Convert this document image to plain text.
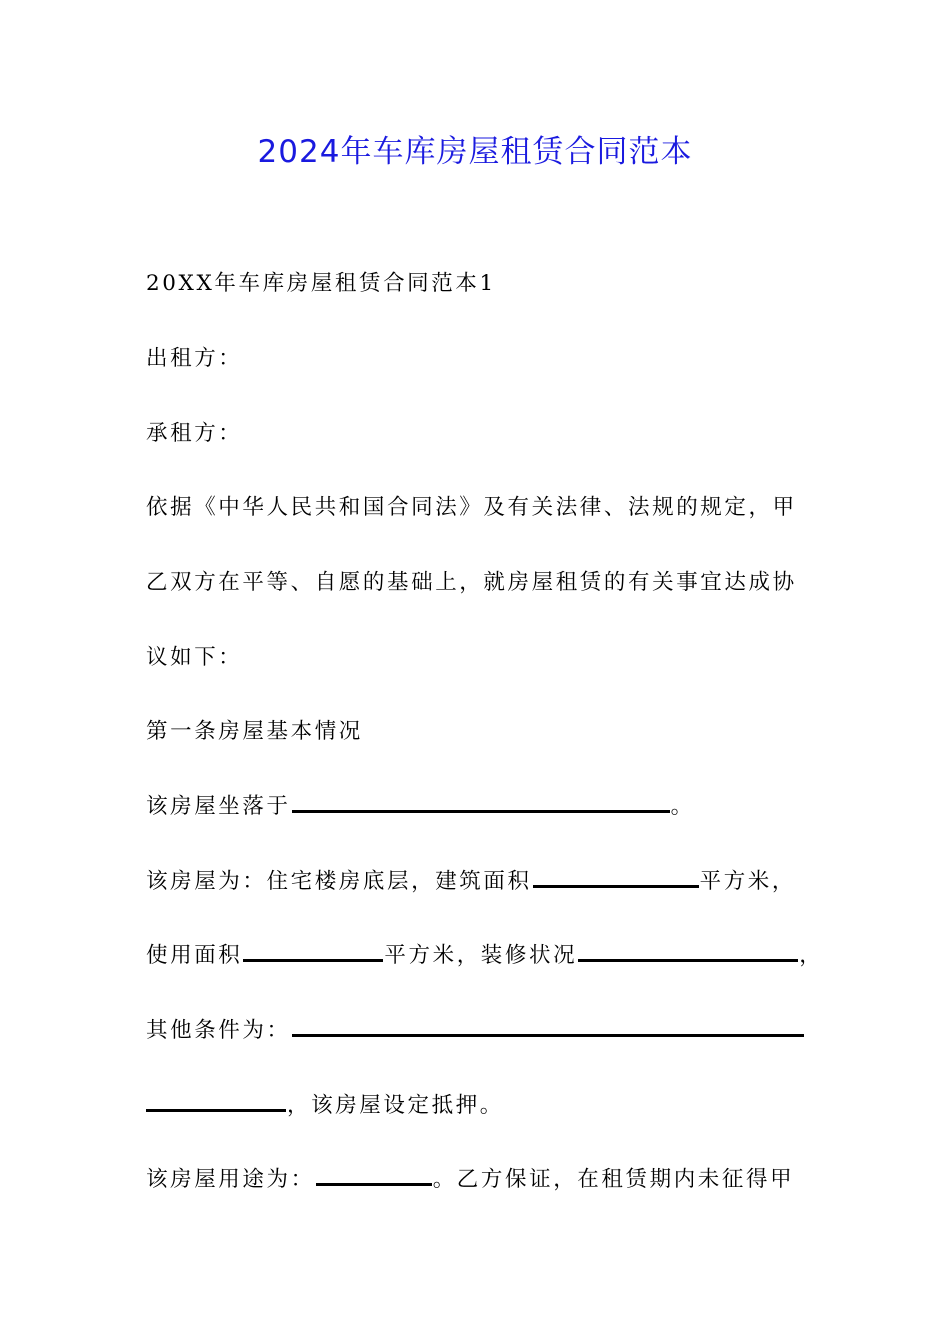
2024年车库房屋租赁合同范本
20XX年车库房屋租赁合同范本1
出租方：
承租方：
依据《中华人民共和国合同法》及有关法律、法规的规定，甲
乙双方在平等、自愿的基础上，就房屋租赁的有关事宜达成协
议如下：
第一条房屋基本情况
该房屋坐落于	。
该房屋为：住宅楼房底层，建筑面积	平方米，
使用面积	平方米，装修状况	，
其他条件为：
，该房屋设定抵押。
该房屋用途为：	。乙方保证，在租赁期内未征得甲
